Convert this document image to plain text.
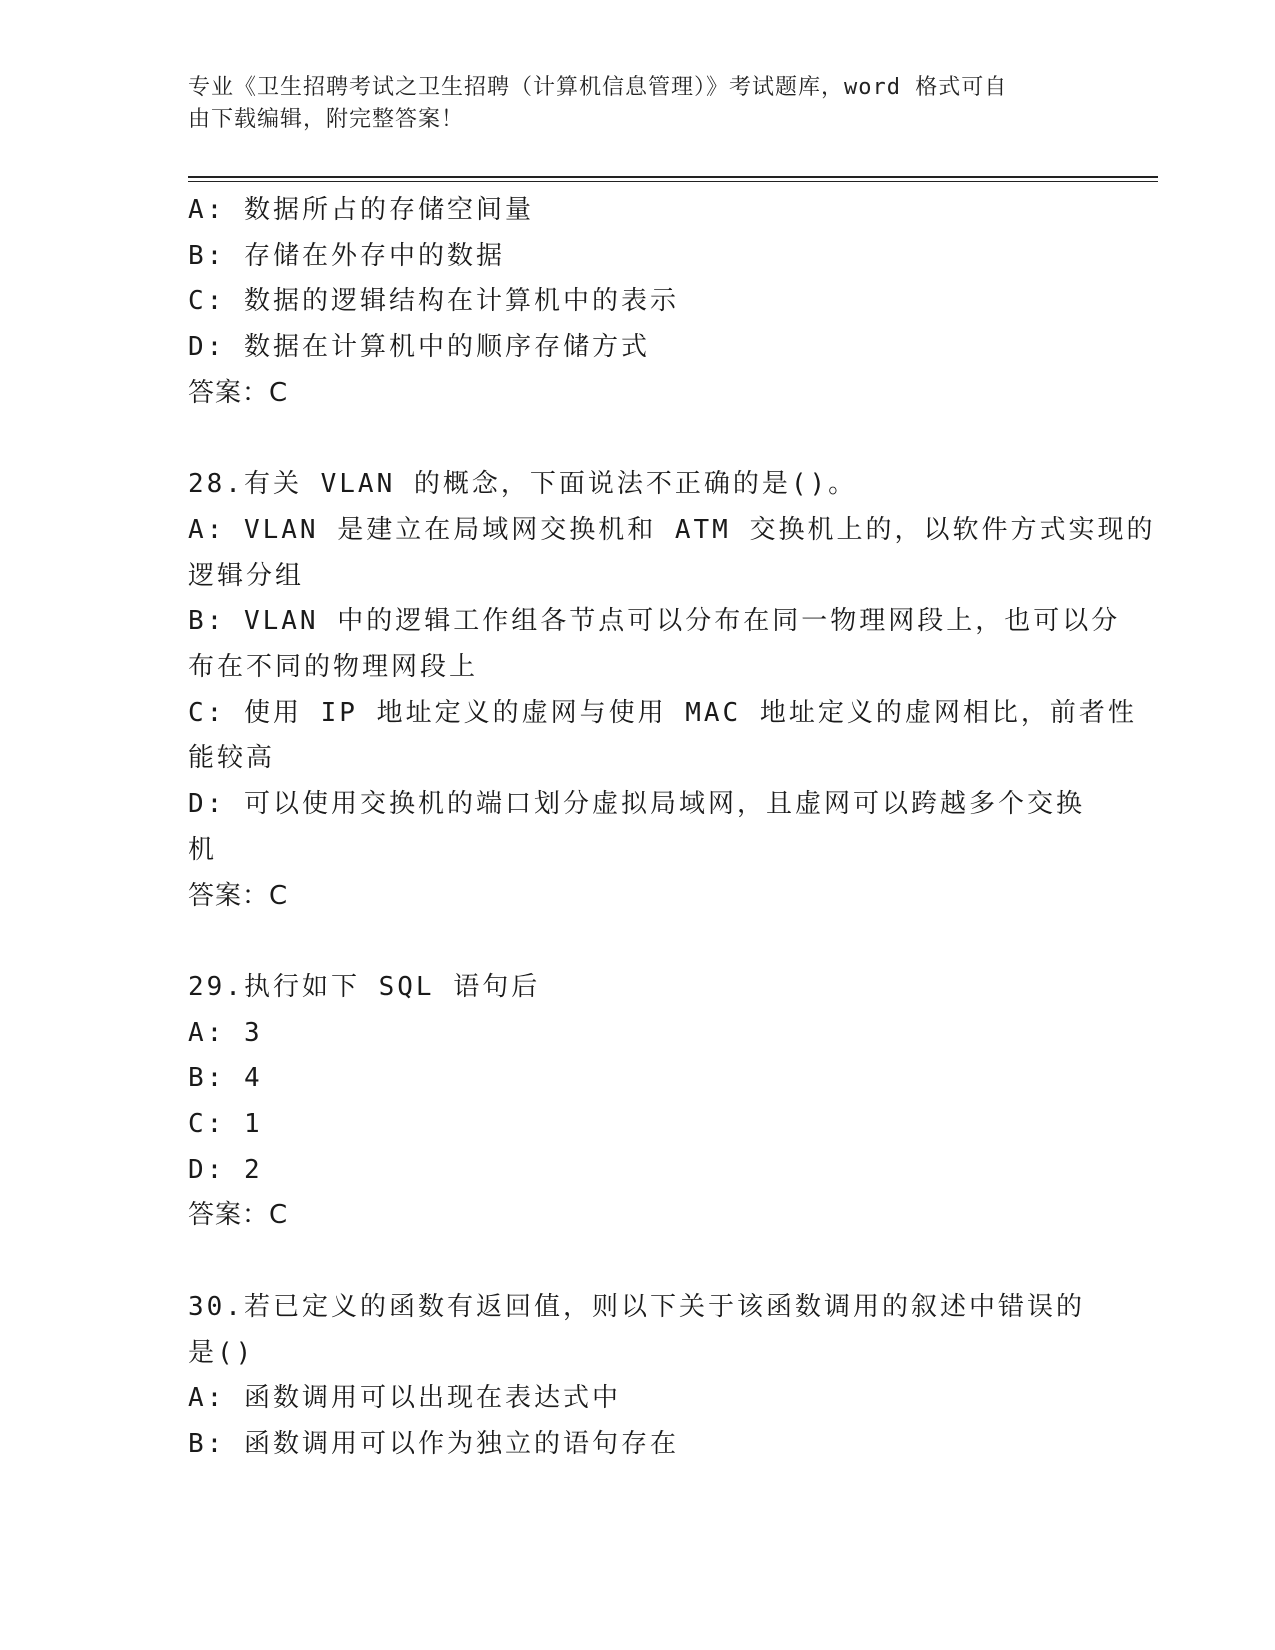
专业《卫生招聘考试之卫生招聘（计算机信息管理）》考试题库，word 格式可自
由下载编辑，附完整答案！
A: 数据所占的存储空间量
B: 存储在外存中的数据
C: 数据的逻辑结构在计算机中的表示
D: 数据在计算机中的顺序存储方式
答案：C
28.有关 VLAN 的概念，下面说法不正确的是()。
A: VLAN 是建立在局域网交换机和 ATM 交换机上的，以软件方式实现的
逻辑分组
B: VLAN 中的逻辑工作组各节点可以分布在同一物理网段上，也可以分
布在不同的物理网段上
C: 使用 IP 地址定义的虚网与使用 MAC 地址定义的虚网相比，前者性
能较高
D: 可以使用交换机的端口划分虚拟局域网，且虚网可以跨越多个交换
机
答案：C
29.执行如下 SQL 语句后
A: 3
B: 4
C: 1
D: 2
答案：C
30.若已定义的函数有返回值，则以下关于该函数调用的叙述中错误的
是()
A: 函数调用可以出现在表达式中
B: 函数调用可以作为独立的语句存在
